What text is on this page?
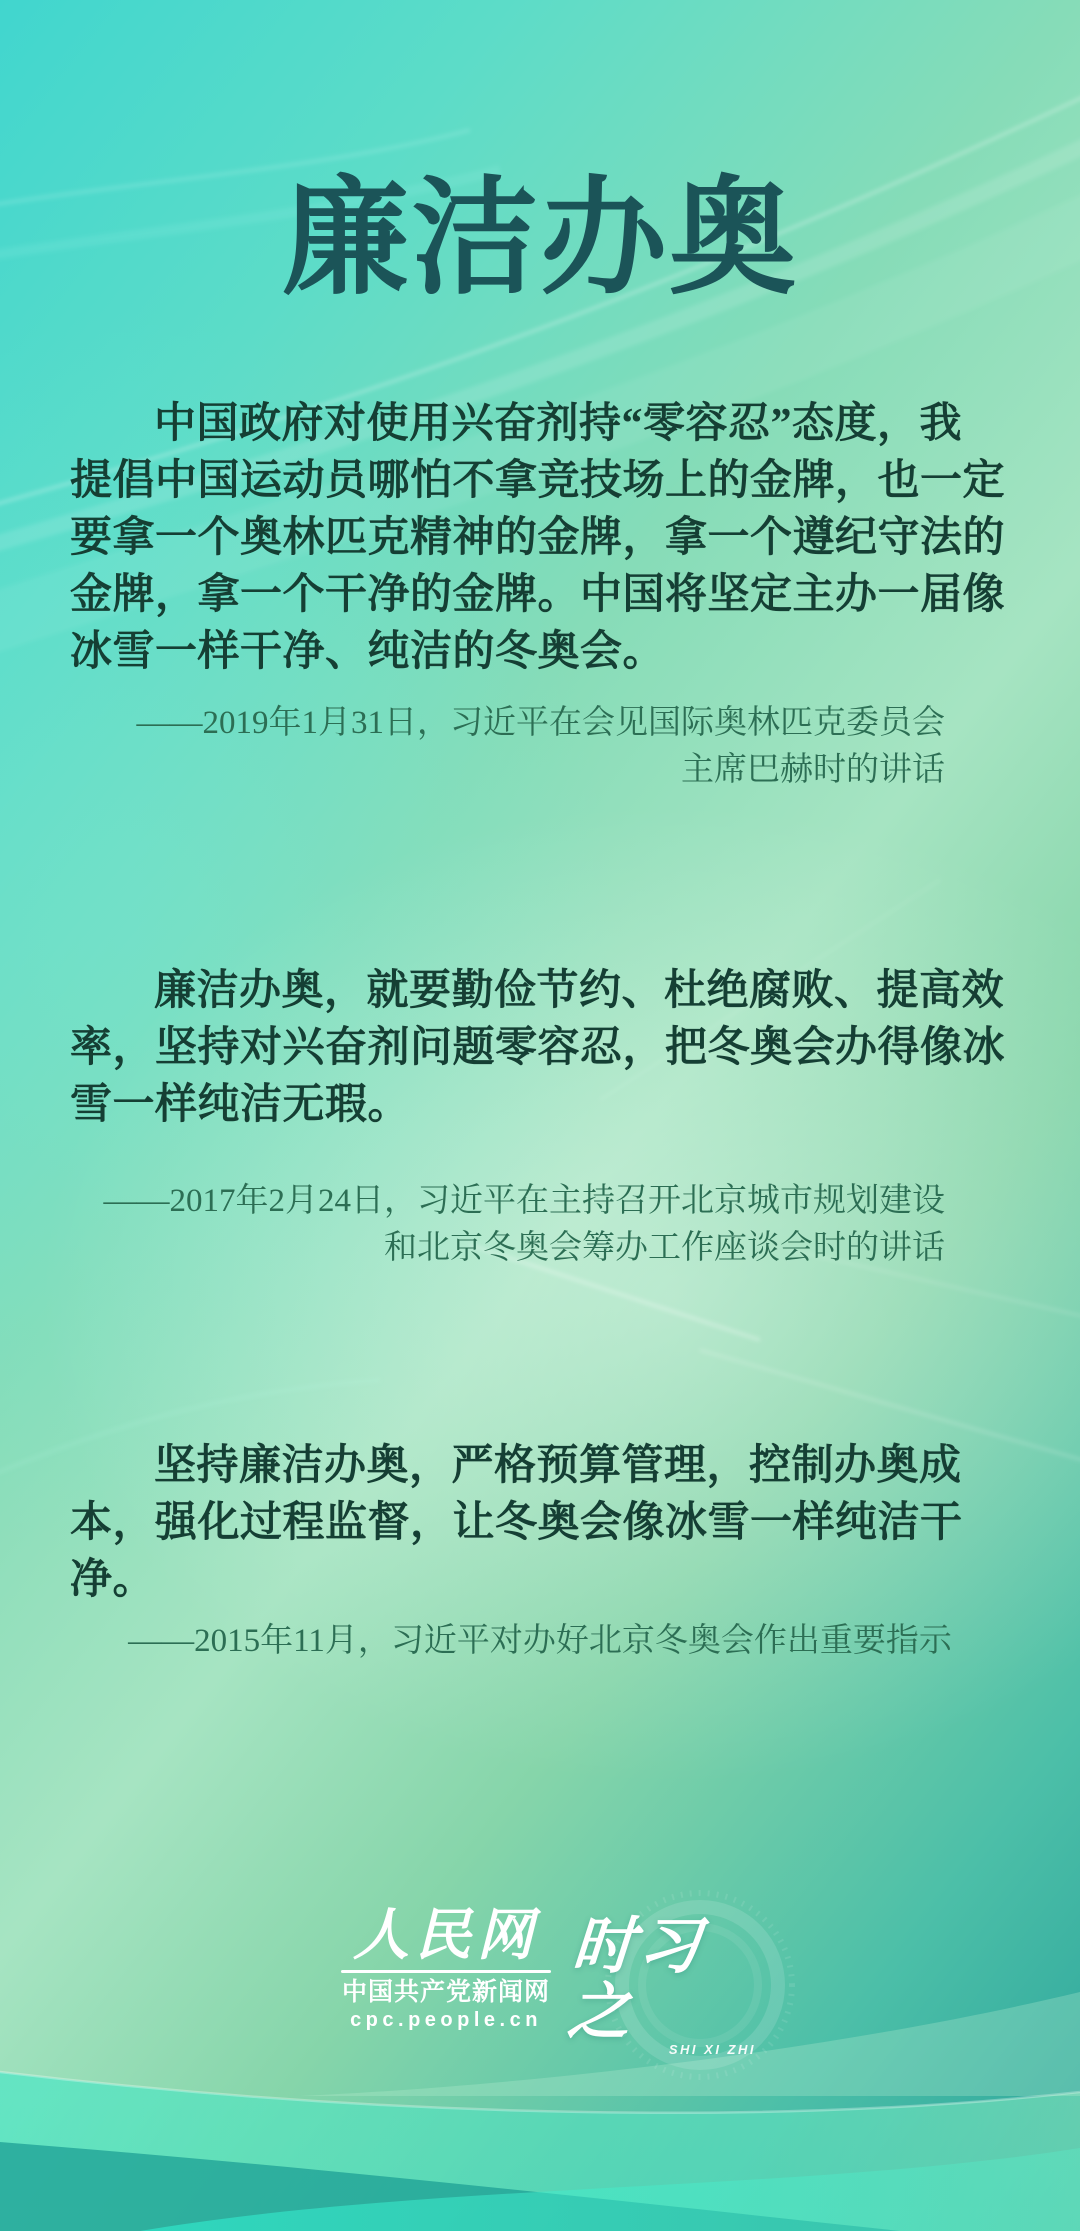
廉洁办奥
中国政府对使用兴奋剂持“零容忍”态度，我
提倡中国运动员哪怕不拿竞技场上的金牌，也一定
要拿一个奥林匹克精神的金牌，拿一个遵纪守法的
金牌，拿一个干净的金牌。中国将坚定主办一届像
冰雪一样干净、纯洁的冬奥会。
——2019年1月31日，习近平在会见国际奥林匹克委员会
主席巴赫时的讲话
廉洁办奥，就要勤俭节约、杜绝腐败、提高效
率，坚持对兴奋剂问题零容忍，把冬奥会办得像冰
雪一样纯洁无瑕。
——2017年2月24日，习近平在主持召开北京城市规划建设
和北京冬奥会筹办工作座谈会时的讲话
坚持廉洁办奥，严格预算管理，控制办奥成
本，强化过程监督，让冬奥会像冰雪一样纯洁干
净。
——2015年11月，习近平对办好北京冬奥会作出重要指示
人民网
中国共产党新闻网
cpc.people.cn
时习之
SHI XI ZHI
